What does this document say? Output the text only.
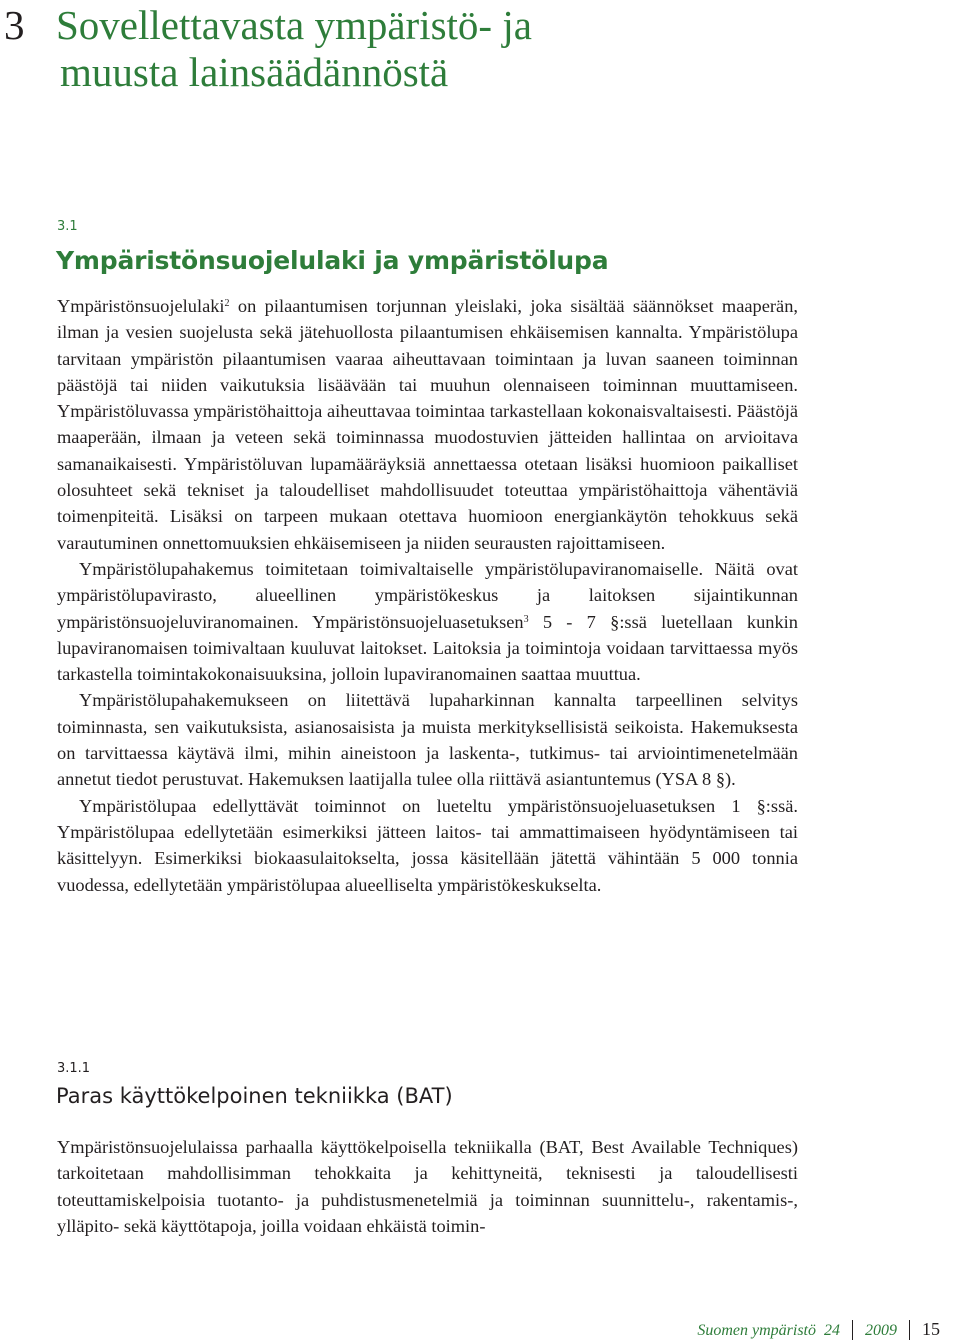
3 Sovellettavasta ympäristö- ja
muusta lainsäädännöstä
3.1
Ympäristönsuojelulaki ja ympäristölupa

Ympäristönsuojelulaki$^2$ on pilaantumisen torjunnan yleislaki, joka sisältää säännökset maaperän, ilman ja vesien suojelusta sekä jätehuollosta pilaantumisen ehkäisemisen kannalta. Ympäristölupa tarvitaan ympäristön pilaantumisen vaaraa aiheuttavaan toimintaan ja luvan saaneen toiminnan päästöjä tai niiden vaikutuksia lisäävään tai muuhun olennaiseen toiminnan muuttamiseen. Ympäristöluvassa ympäristöhaittoja aiheuttavaa toimintaa tarkastellaan kokonaisvaltaisesti. Päästöjä maaperään, ilmaan ja veteen sekä toiminnassa muodostuvien jätteiden hallintaa on arvioitava samanaikaisesti. Ympäristöluvan lupamääräyksiä annettaessa otetaan lisäksi huomioon paikalliset olosuhteet sekä tekniset ja taloudelliset mahdollisuudet toteuttaa ympäristöhaittoja vähentäviä toimenpiteitä. Lisäksi on tarpeen mukaan otettava huomioon energiankäytön tehokkuus sekä varautuminen onnettomuuksien ehkäisemiseen ja niiden seurausten rajoittamiseen.

Ympäristölupahakemus toimitetaan toimivaltaiselle ympäristölupaviranomaiselle. Näitä ovat ympäristölupavirasto, alueellinen ympäristökeskus ja laitoksen sijaintikunnan ympäristönsuojeluviranomainen. Ympäristönsuojeluasetuksen$^3$ 5 - 7 §:ssä luetellaan kunkin lupaviranomaisen toimivaltaan kuuluvat laitokset. Laitoksia ja toimintoja voidaan tarvittaessa myös tarkastella toimintakokonaisuuksina, jolloin lupaviranomainen saattaa muuttua.

Ympäristölupahakemukseen on liitettävä lupaharkinnan kannalta tarpeellinen selvitys toiminnasta, sen vaikutuksista, asianosaisista ja muista merkityksellisistä seikoista. Hakemuksesta on tarvittaessa käytävä ilmi, mihin aineistoon ja laskenta-, tutkimus- tai arviointimenetelmään annetut tiedot perustuvat. Hakemuksen laatijalla tulee olla riittävä asiantuntemus (YSA 8 §).

Ympäristölupaa edellyttävät toiminnot on lueteltu ympäristönsuojeluasetuksen 1 §:ssä. Ympäristölupaa edellytetään esimerkiksi jätteen laitos- tai ammattimaiseen hyödyntämiseen tai käsittelyyn. Esimerkiksi biokaasulaitokselta, jossa käsitellään jätettä vähintään 5 000 tonnia vuodessa, edellytetään ympäristölupaa alueelliselta ympäristökeskukselta.

3.1.1
Paras käyttökelpoinen tekniikka (BAT)

Ympäristönsuojelulaissa parhaalla käyttökelpoisella tekniikalla (BAT, Best Available Techniques) tarkoitetaan mahdollisimman tehokkaita ja kehittyneitä, teknisesti ja taloudellisesti toteuttamiskelpoisia tuotanto- ja puhdistusmenetelmiä ja toiminnan suunnittelu-, rakentamis-, ylläpito- sekä käyttötapoja, joilla voidaan ehkäistä toimin-

Suomen ympäristö  24 2009 15
